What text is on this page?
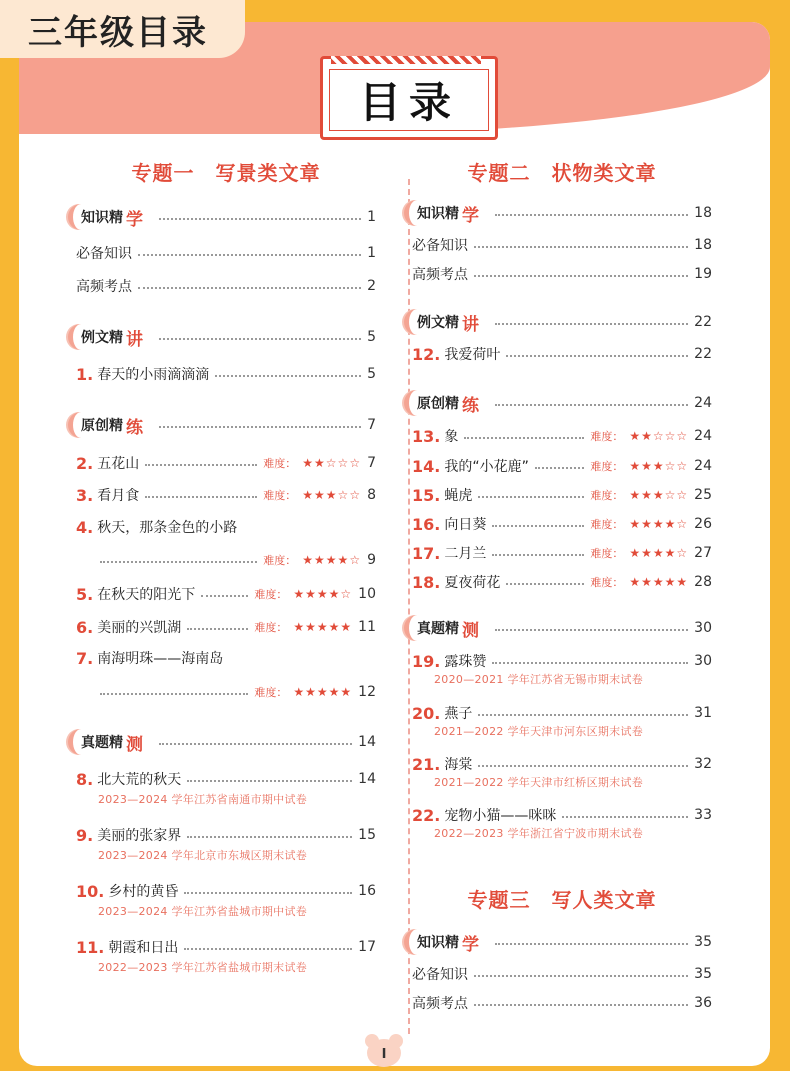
目录
三年级目录
专题一　写景类文章
知识精 学	1
必备知识	1
高频考点	2
例文精 讲	5
1. 春天的小雨滴滴滴	5
原创精 练	7
2. 五花山	难度： ★★☆☆☆ 7
3. 看月食	难度： ★★★☆☆ 8
4. 秋天，那条金色的小路
难度： ★★★★☆ 9
5. 在秋天的阳光下	难度： ★★★★☆ 10
6. 美丽的兴凯湖	难度： ★★★★★ 11
7. 南海明珠——海南岛
难度： ★★★★★ 12
真题精 测	14
8. 北大荒的秋天	14
2023—2024 学年江苏省南通市期中试卷
9. 美丽的张家界	15
2023—2024 学年北京市东城区期末试卷
10. 乡村的黄昏	16
2023—2024 学年江苏省盐城市期中试卷
11. 朝霞和日出	17
2022—2023 学年江苏省盐城市期末试卷
专题二　状物类文章
知识精 学	18
必备知识	18
高频考点	19
例文精 讲	22
12. 我爱荷叶	22
原创精 练	24
13. 象	难度： ★★☆☆☆ 24
14. 我的“小花鹿”	难度： ★★★☆☆ 24
15. 蝇虎	难度： ★★★☆☆ 25
16. 向日葵	难度： ★★★★☆ 26
17. 二月兰	难度： ★★★★☆ 27
18. 夏夜荷花	难度： ★★★★★ 28
真题精 测	30
19. 露珠赞	30
2020—2021 学年江苏省无锡市期末试卷
20. 燕子	31
2021—2022 学年天津市河东区期末试卷
21. 海棠	32
2021—2022 学年天津市红桥区期末试卷
22. 宠物小猫——咪咪	33
2022—2023 学年浙江省宁波市期末试卷
专题三　写人类文章
知识精 学	35
必备知识	35
高频考点	36
I
